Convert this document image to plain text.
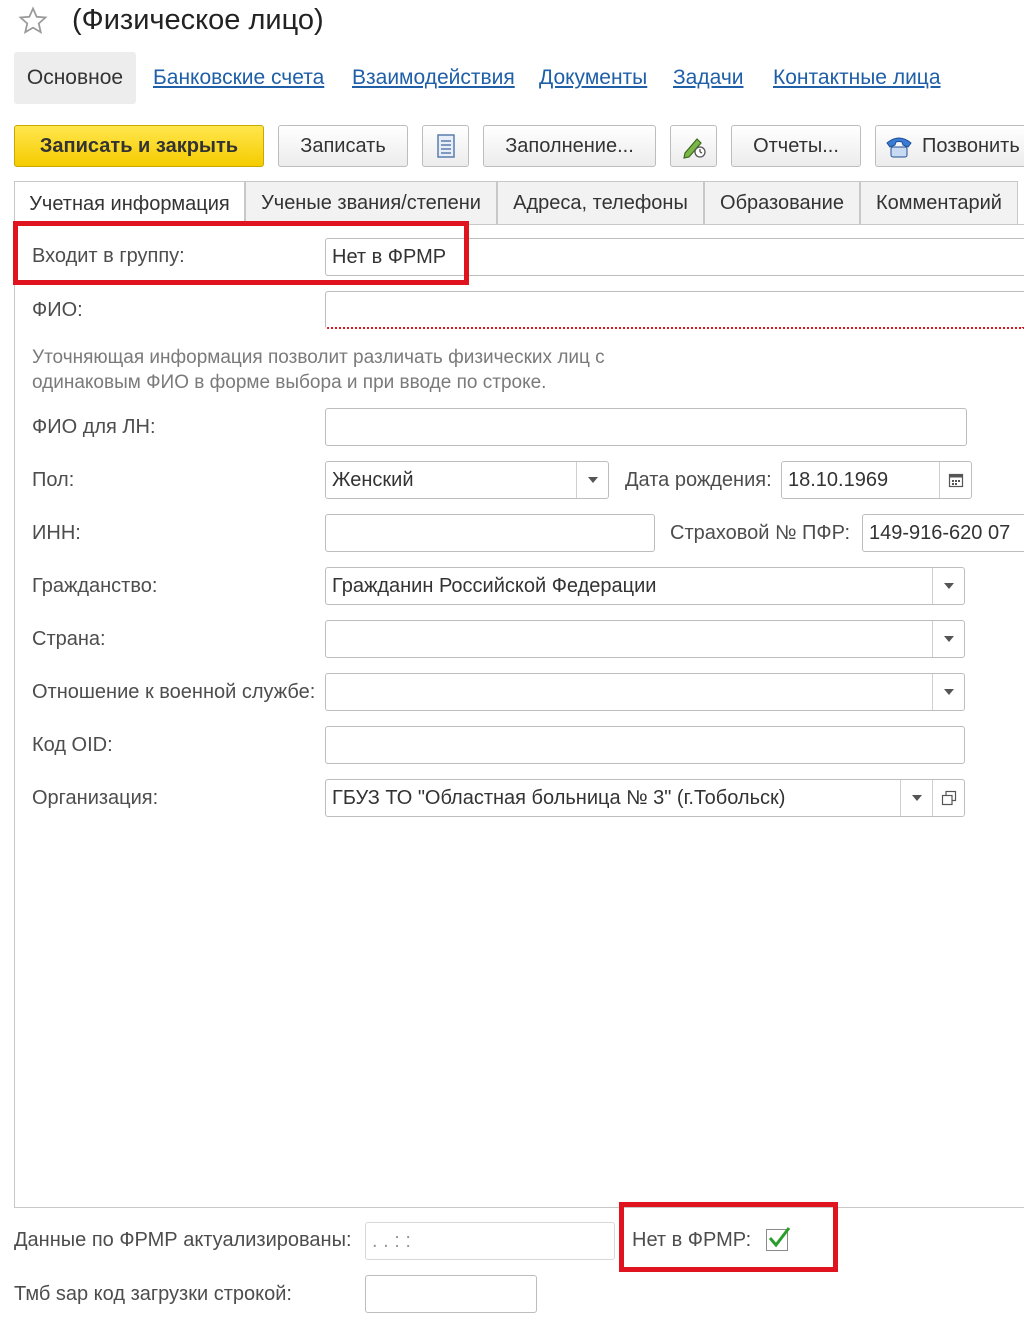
(Физическое лицо)
Основное	Банковские счета Взаимодействия Документы Задачи Контактные лица
Записать и закрыть	Записать	Заполнение...	Отчеты...	Позвонить
Учетная информация	Ученые звания/степени	Адреса, телефоны	Образование	Комментарий
Входит в группу:	Нет в ФРМР
ФИО:
Уточняющая информация позволит различать физических лиц с
одинаковым ФИО в форме выбора и при вводе по строке.
ФИО для ЛН:
Пол:	Женский	Дата рождения: 18.10.1969
ИНН:	Страховой № ПФР: 149-916-620 07
Гражданство:	Гражданин Российской Федерации
Страна:
Отношение к военной службе:
Код OID:
Организация:	ГБУЗ ТО "Областная больница № 3" (г.Тобольск)
Данные по ФРМР актуализированы:	. . : :	Нет в ФРМР:
Тмб sap код загрузки строкой:
